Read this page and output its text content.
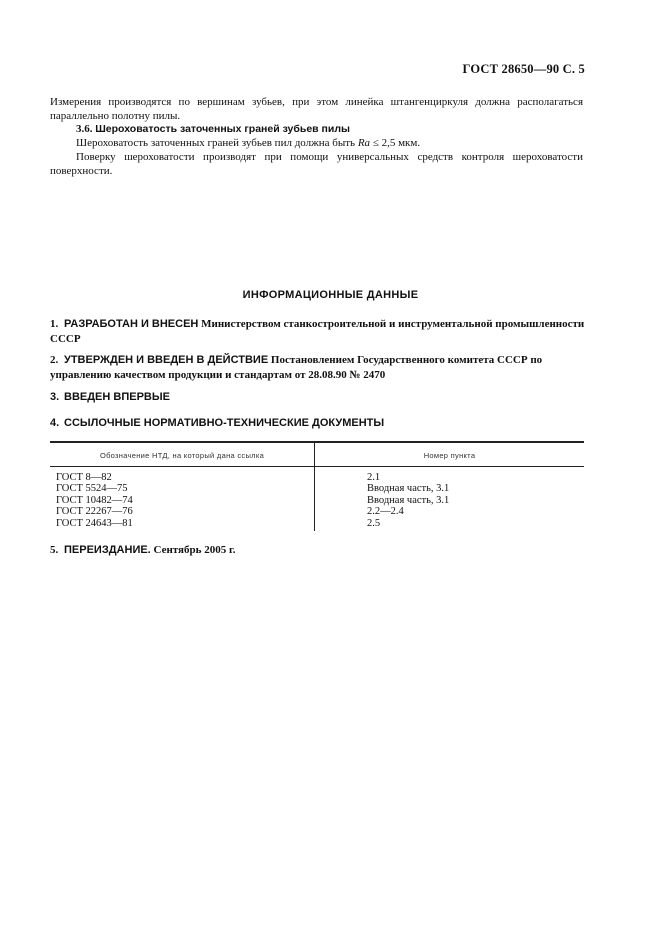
ГОСТ 28650—90 С. 5
Измерения производятся по вершинам зубьев, при этом линейка штангенциркуля должна располагаться параллельно полотну пилы.
3.6. Шероховатость заточенных граней зубьев пилы
Шероховатость заточенных граней зубьев пил должна быть Ra ≤ 2,5 мкм.
Поверку шероховатости производят при помощи универсальных средств контроля шероховатости поверхности.
ИНФОРМАЦИОННЫЕ ДАННЫЕ
1. РАЗРАБОТАН И ВНЕСЕН Министерством станкостроительной и инструментальной промышленности СССР
2. УТВЕРЖДЕН И ВВЕДЕН В ДЕЙСТВИЕ Постановлением Государственного комитета СССР по управлению качеством продукции и стандартам от 28.08.90 № 2470
3. ВВЕДЕН ВПЕРВЫЕ
4. ССЫЛОЧНЫЕ НОРМАТИВНО-ТЕХНИЧЕСКИЕ ДОКУМЕНТЫ
Обозначение НТД, на который дана ссылка	Номер пункта
ГОСТ 8—82
ГОСТ 5524—75
ГОСТ 10482—74
ГОСТ 22267—76
ГОСТ 24643—81
2.1
Вводная часть, 3.1
Вводная часть, 3.1
2.2—2.4
2.5
5. ПЕРЕИЗДАНИЕ. Сентябрь 2005 г.
